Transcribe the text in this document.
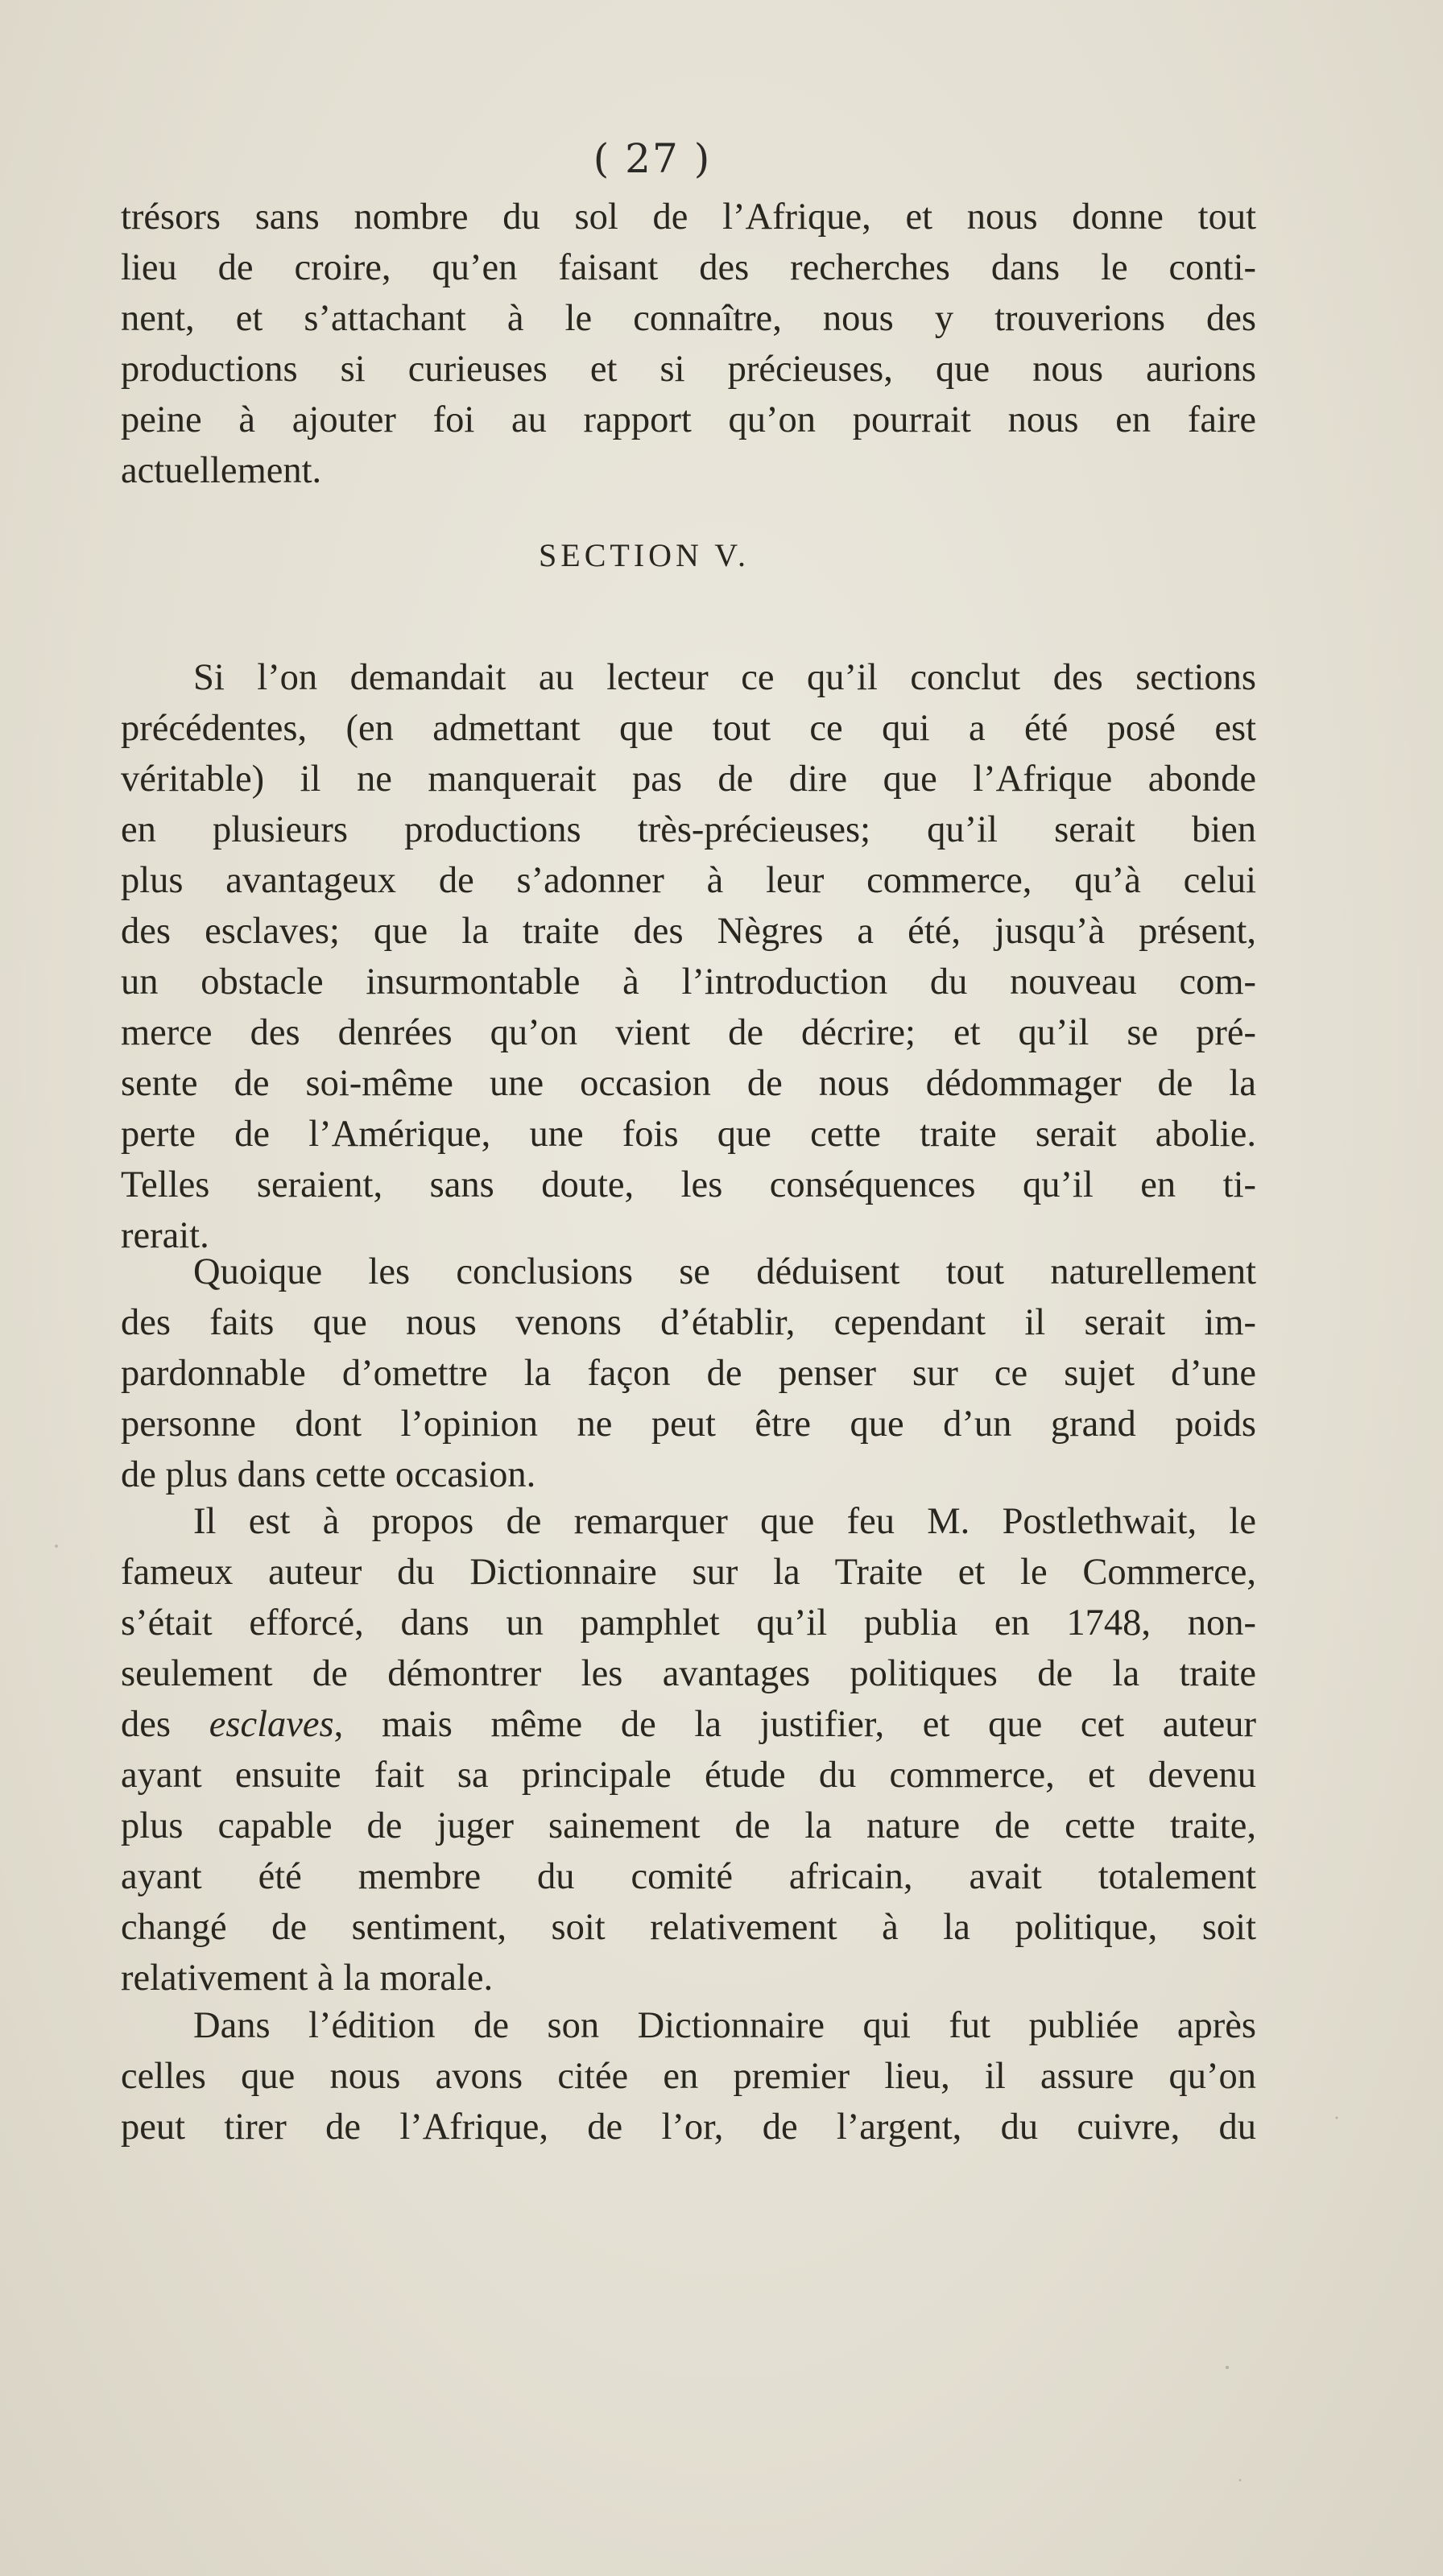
( 27 )
trésors sans nombre du sol de l’Afrique, et nous donne tout
lieu de croire, qu’en faisant des recherches dans le conti-
nent, et s’attachant à le connaître, nous y trouverions des
productions si curieuses et si précieuses, que nous aurions
peine à ajouter foi au rapport qu’on pourrait nous en faire
actuellement.
SECTION V.
Si l’on demandait au lecteur ce qu’il conclut des sections
précédentes, (en admettant que tout ce qui a été posé est
véritable) il ne manquerait pas de dire que l’Afrique abonde
en plusieurs productions très-précieuses; qu’il serait bien
plus avantageux de s’adonner à leur commerce, qu’à celui
des esclaves; que la traite des Nègres a été, jusqu’à présent,
un obstacle insurmontable à l’introduction du nouveau com-
merce des denrées qu’on vient de décrire; et qu’il se pré-
sente de soi-même une occasion de nous dédommager de la
perte de l’Amérique, une fois que cette traite serait abolie.
Telles seraient, sans doute, les conséquences qu’il en ti-
rerait.
Quoique les conclusions se déduisent tout naturellement
des faits que nous venons d’établir, cependant il serait im-
pardonnable d’omettre la façon de penser sur ce sujet d’une
personne dont l’opinion ne peut être que d’un grand poids
de plus dans cette occasion.
Il est à propos de remarquer que feu M. Postlethwait, le
fameux auteur du Dictionnaire sur la Traite et le Commerce,
s’était efforcé, dans un pamphlet qu’il publia en 1748, non-
seulement de démontrer les avantages politiques de la traite
des esclaves, mais même de la justifier, et que cet auteur
ayant ensuite fait sa principale étude du commerce, et devenu
plus capable de juger sainement de la nature de cette traite,
ayant été membre du comité africain, avait totalement
changé de sentiment, soit relativement à la politique, soit
relativement à la morale.
Dans l’édition de son Dictionnaire qui fut publiée après
celles que nous avons citée en premier lieu, il assure qu’on
peut tirer de l’Afrique, de l’or, de l’argent, du cuivre, du
